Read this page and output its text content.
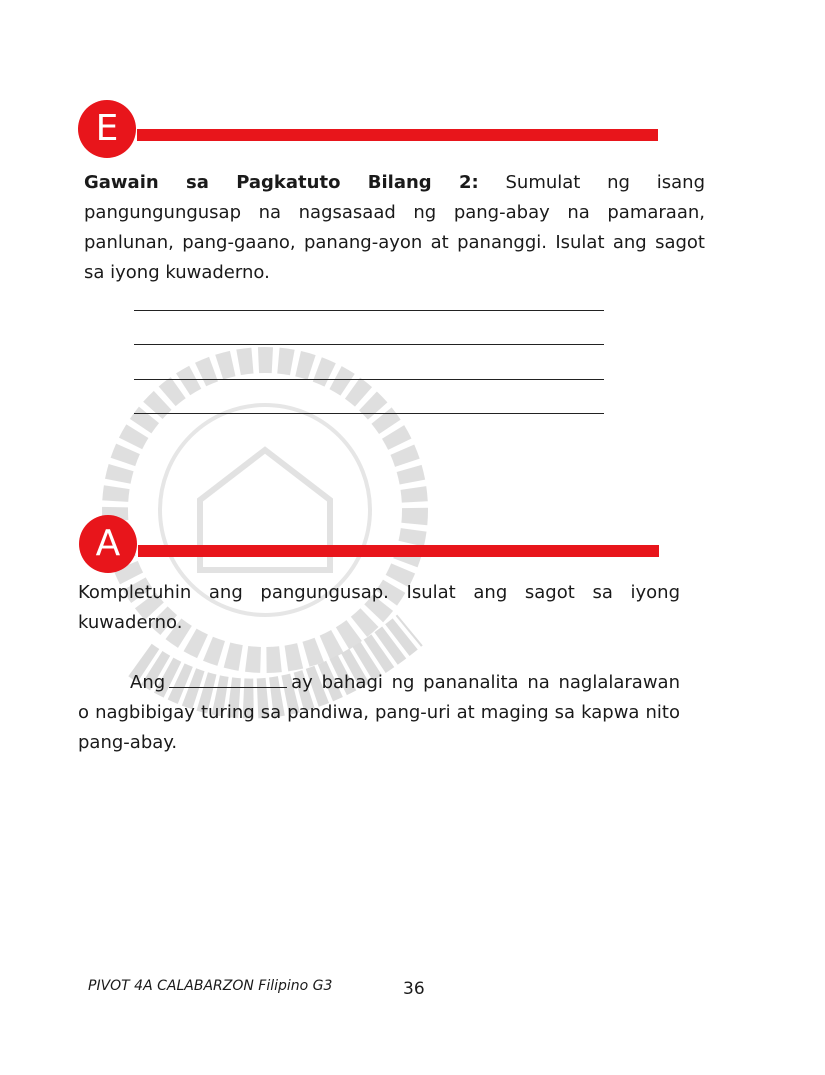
E

Gawain sa Pagkatuto Bilang 2: Sumulat ng isang pangungungusap na nagsasaad ng pang-abay na pamaraan, panlunan, pang-gaano, panang-ayon at pananggi. Isulat ang sagot sa iyong kuwaderno.

A

Kompletuhin ang pangungusap. Isulat ang sagot sa iyong kuwaderno.

Ang	ay bahagi ng pananalita na naglalarawan o nagbibigay turing sa pandiwa, pang-uri at maging sa kapwa nito pang-abay.

PIVOT 4A CALABARZON Filipino G3	36
